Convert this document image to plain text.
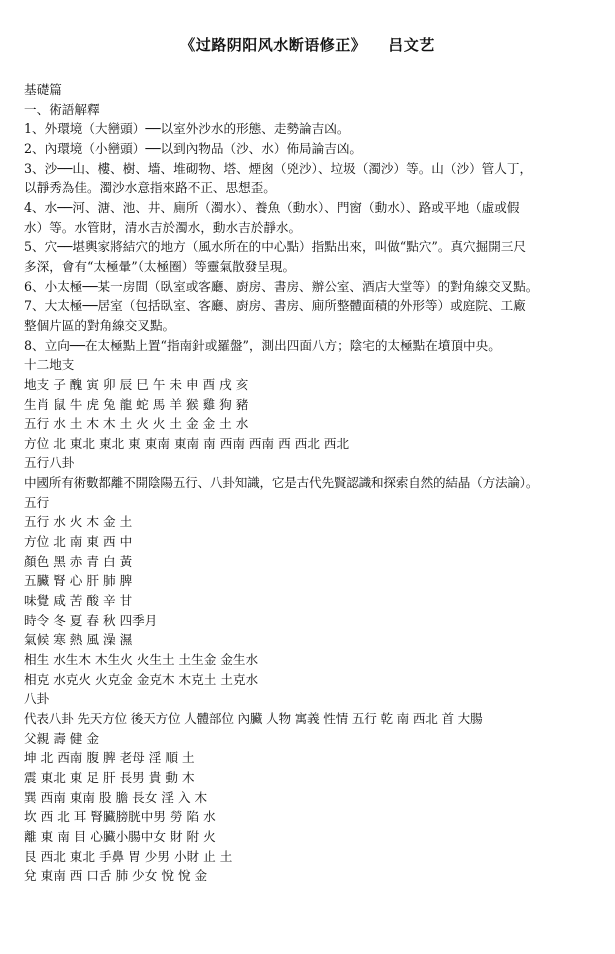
《过路阴阳风水断语修正》 吕文艺
基礎篇
一、術語解釋
1、外環境（大巒頭）──以室外沙水的形態、走勢論吉凶。
2、內環境（小巒頭）──以到內物品（沙、水）佈局論吉凶。
3、沙──山、樓、樹、墻、堆砌物、塔、煙囪（兇沙）、垃圾（濁沙）等。山（沙）管人丁，
以靜秀為佳。濁沙水意指來路不正、思想歪。
4、水──河、溏、池、井、廁所（濁水）、養魚（動水）、門窗（動水）、路或平地（虛或假
水）等。水管財，清水吉於濁水，動水吉於靜水。
5、穴──堪輿家將結穴的地方（風水所在的中心點）指點出來，叫做“點穴”。真穴掘開三尺
多深，會有“太極暈”（太極圈）等靈氣散發呈現。
6、小太極──某一房間（臥室或客廳、廚房、書房、辦公室、酒店大堂等）的對角線交叉點。
7、大太極──居室（包括臥室、客廳、廚房、書房、廁所整體面積的外形等）或庭院、工廠
整個片區的對角線交叉點。
8、立向──在太極點上置“指南針或羅盤”，測出四面八方；陰宅的太極點在墳頂中央。
十二地支
地支 子 醜 寅 卯 辰 巳 午 未 申 酉 戌 亥
生肖 鼠 牛 虎 兔 龍 蛇 馬 羊 猴 雞 狗 豬
五行 水 土 木 木 土 火 火 土 金 金 土 水
方位 北 東北 東北 東 東南 東南 南 西南 西南 西 西北 西北
五行八卦
中國所有術數都離不開陰陽五行、八卦知識，它是古代先賢認識和探索自然的結晶（方法論）。
五行
五行 水 火 木 金 土
方位 北 南 東 西 中
顏色 黑 赤 青 白 黃
五臟 腎 心 肝 肺 脾
味覺 咸 苦 酸 辛 甘
時令 冬 夏 春 秋 四季月
氣候 寒 熱 風 澡 濕
相生 水生木 木生火 火生土 土生金 金生水
相克 水克火 火克金 金克木 木克土 土克水
八卦
代表八卦 先天方位 後天方位 人體部位 內臟 人物 寓義 性情 五行 乾 南 西北 首 大腸
父親 壽 健 金
坤 北 西南 腹 脾 老母 淫 順 土
震 東北 東 足 肝 長男 貴 動 木
巽 西南 東南 股 膽 長女 淫 入 木
坎 西 北 耳 腎臟膀胱中男 勞 陷 水
離 東 南 目 心臟小腸中女 財 附 火
艮 西北 東北 手鼻 胃 少男 小財 止 土
兌 東南 西 口舌 肺 少女 悅 悅 金
